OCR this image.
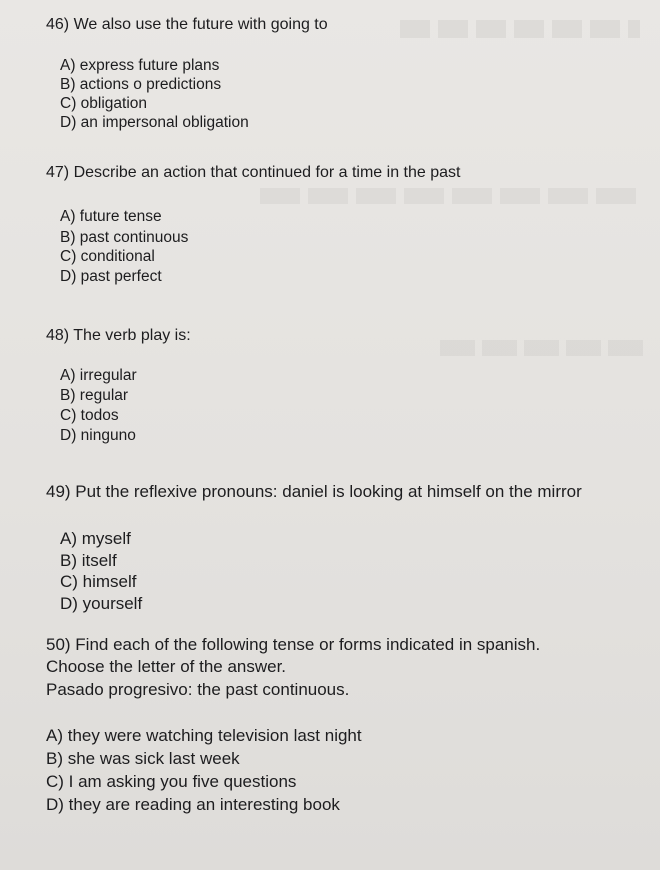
46) We also use the future with going to
A) express future plans
B) actions o predictions
C) obligation
D) an impersonal obligation
47) Describe an action that continued for a time in the past
A) future tense
B) past continuous
C) conditional
D) past perfect
48) The verb play is:
A) irregular
B) regular
C) todos
D) ninguno
49) Put the reflexive pronouns: daniel is looking at himself on the mirror
A) myself
B) itself
C) himself
D) yourself
50) Find each of the following tense or forms indicated in spanish.
Choose the letter of the answer.
Pasado progresivo: the past continuous.
A) they were watching television last night
B) she was sick last week
C) I am asking you five questions
D) they are reading an interesting book
